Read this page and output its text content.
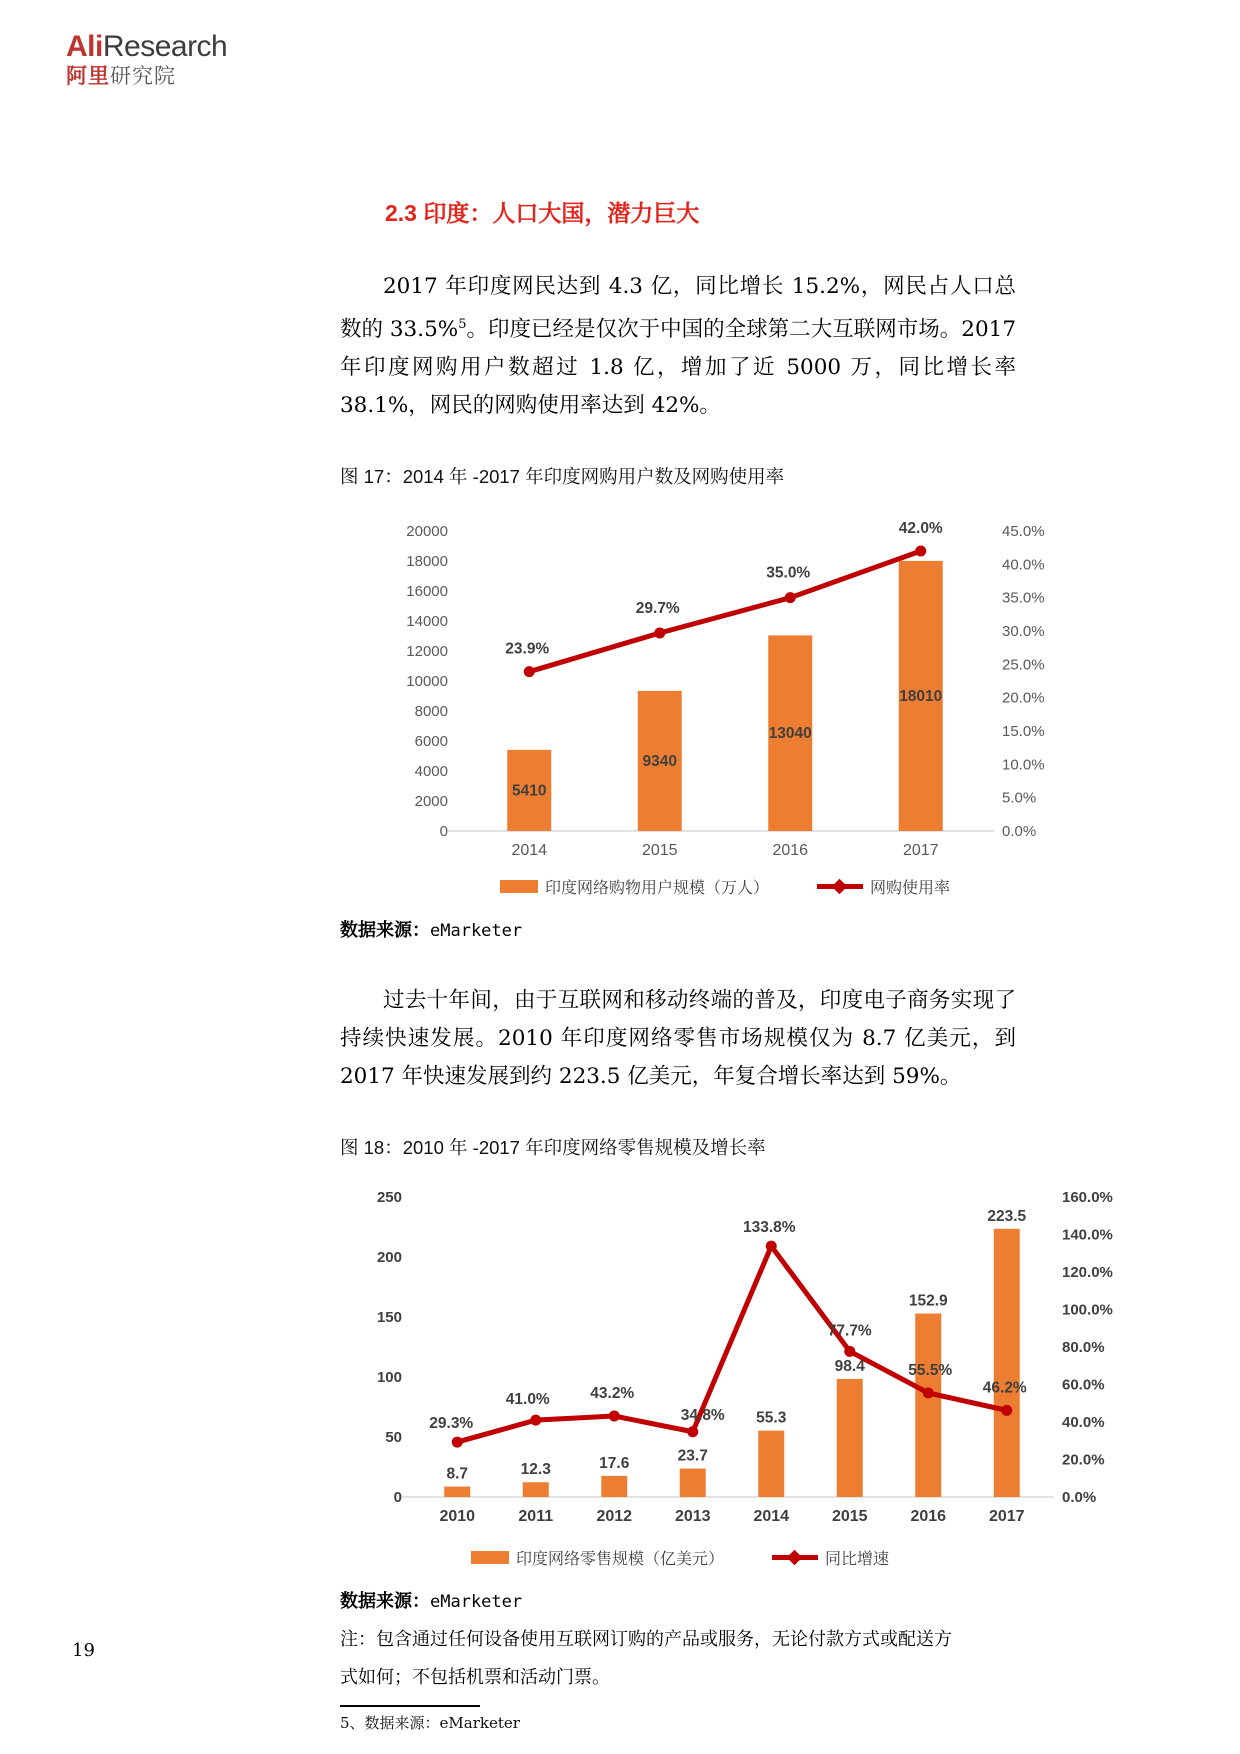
AliResearch
阿里研究院
2.3 印度：人口大国，潜力巨大

2017 年印度网民达到 4.3 亿，同比增长 15.2%，网民占人口总数的 33.5%$^5$。印度已经是仅次于中国的全球第二大互联网市场。2017 年印度网购用户数超过 1.8 亿，增加了近 5000 万，同比增长率 38.1%，网民的网购使用率达到 42%。

图 17：2014 年 -2017 年印度网购用户数及网购使用率
0
2000
4000
6000
8000
10000
12000
14000
16000
18000
20000
0.0%
5.0%
10.0%
15.0%
20.0%
25.0%
30.0%
35.0%
40.0%
45.0%
2014	2015	2016	2017
5410
9340
13040
18010
23.9%
29.7%
35.0%
42.0%
印度网络购物用户规模（万人）	网购使用率
数据来源：eMarketer

过去十年间，由于互联网和移动终端的普及，印度电子商务实现了持续快速发展。2010 年印度网络零售市场规模仅为 8.7 亿美元，到 2017 年快速发展到约 223.5 亿美元，年复合增长率达到 59%。

图 18：2010 年 -2017 年印度网络零售规模及增长率
0
50
100
150
200
250
0.0%
20.0%
40.0%
60.0%
80.0%
100.0%
120.0%
140.0%
160.0%
2010	2011	2012	2013	2014	2015	2016	2017
8.7	12.3	17.6	23.7
55.3
98.4
152.9
223.5
29.3%
41.0%	43.2%
34.8%
133.8%
77.7%
55.5%
46.2%
印度网络零售规模（亿美元）	同比增速
数据来源：eMarketer
注：包含通过任何设备使用互联网订购的产品或服务，无论付款方式或配送方
式如何；不包括机票和活动门票。
5、数据来源：eMarketer
19
